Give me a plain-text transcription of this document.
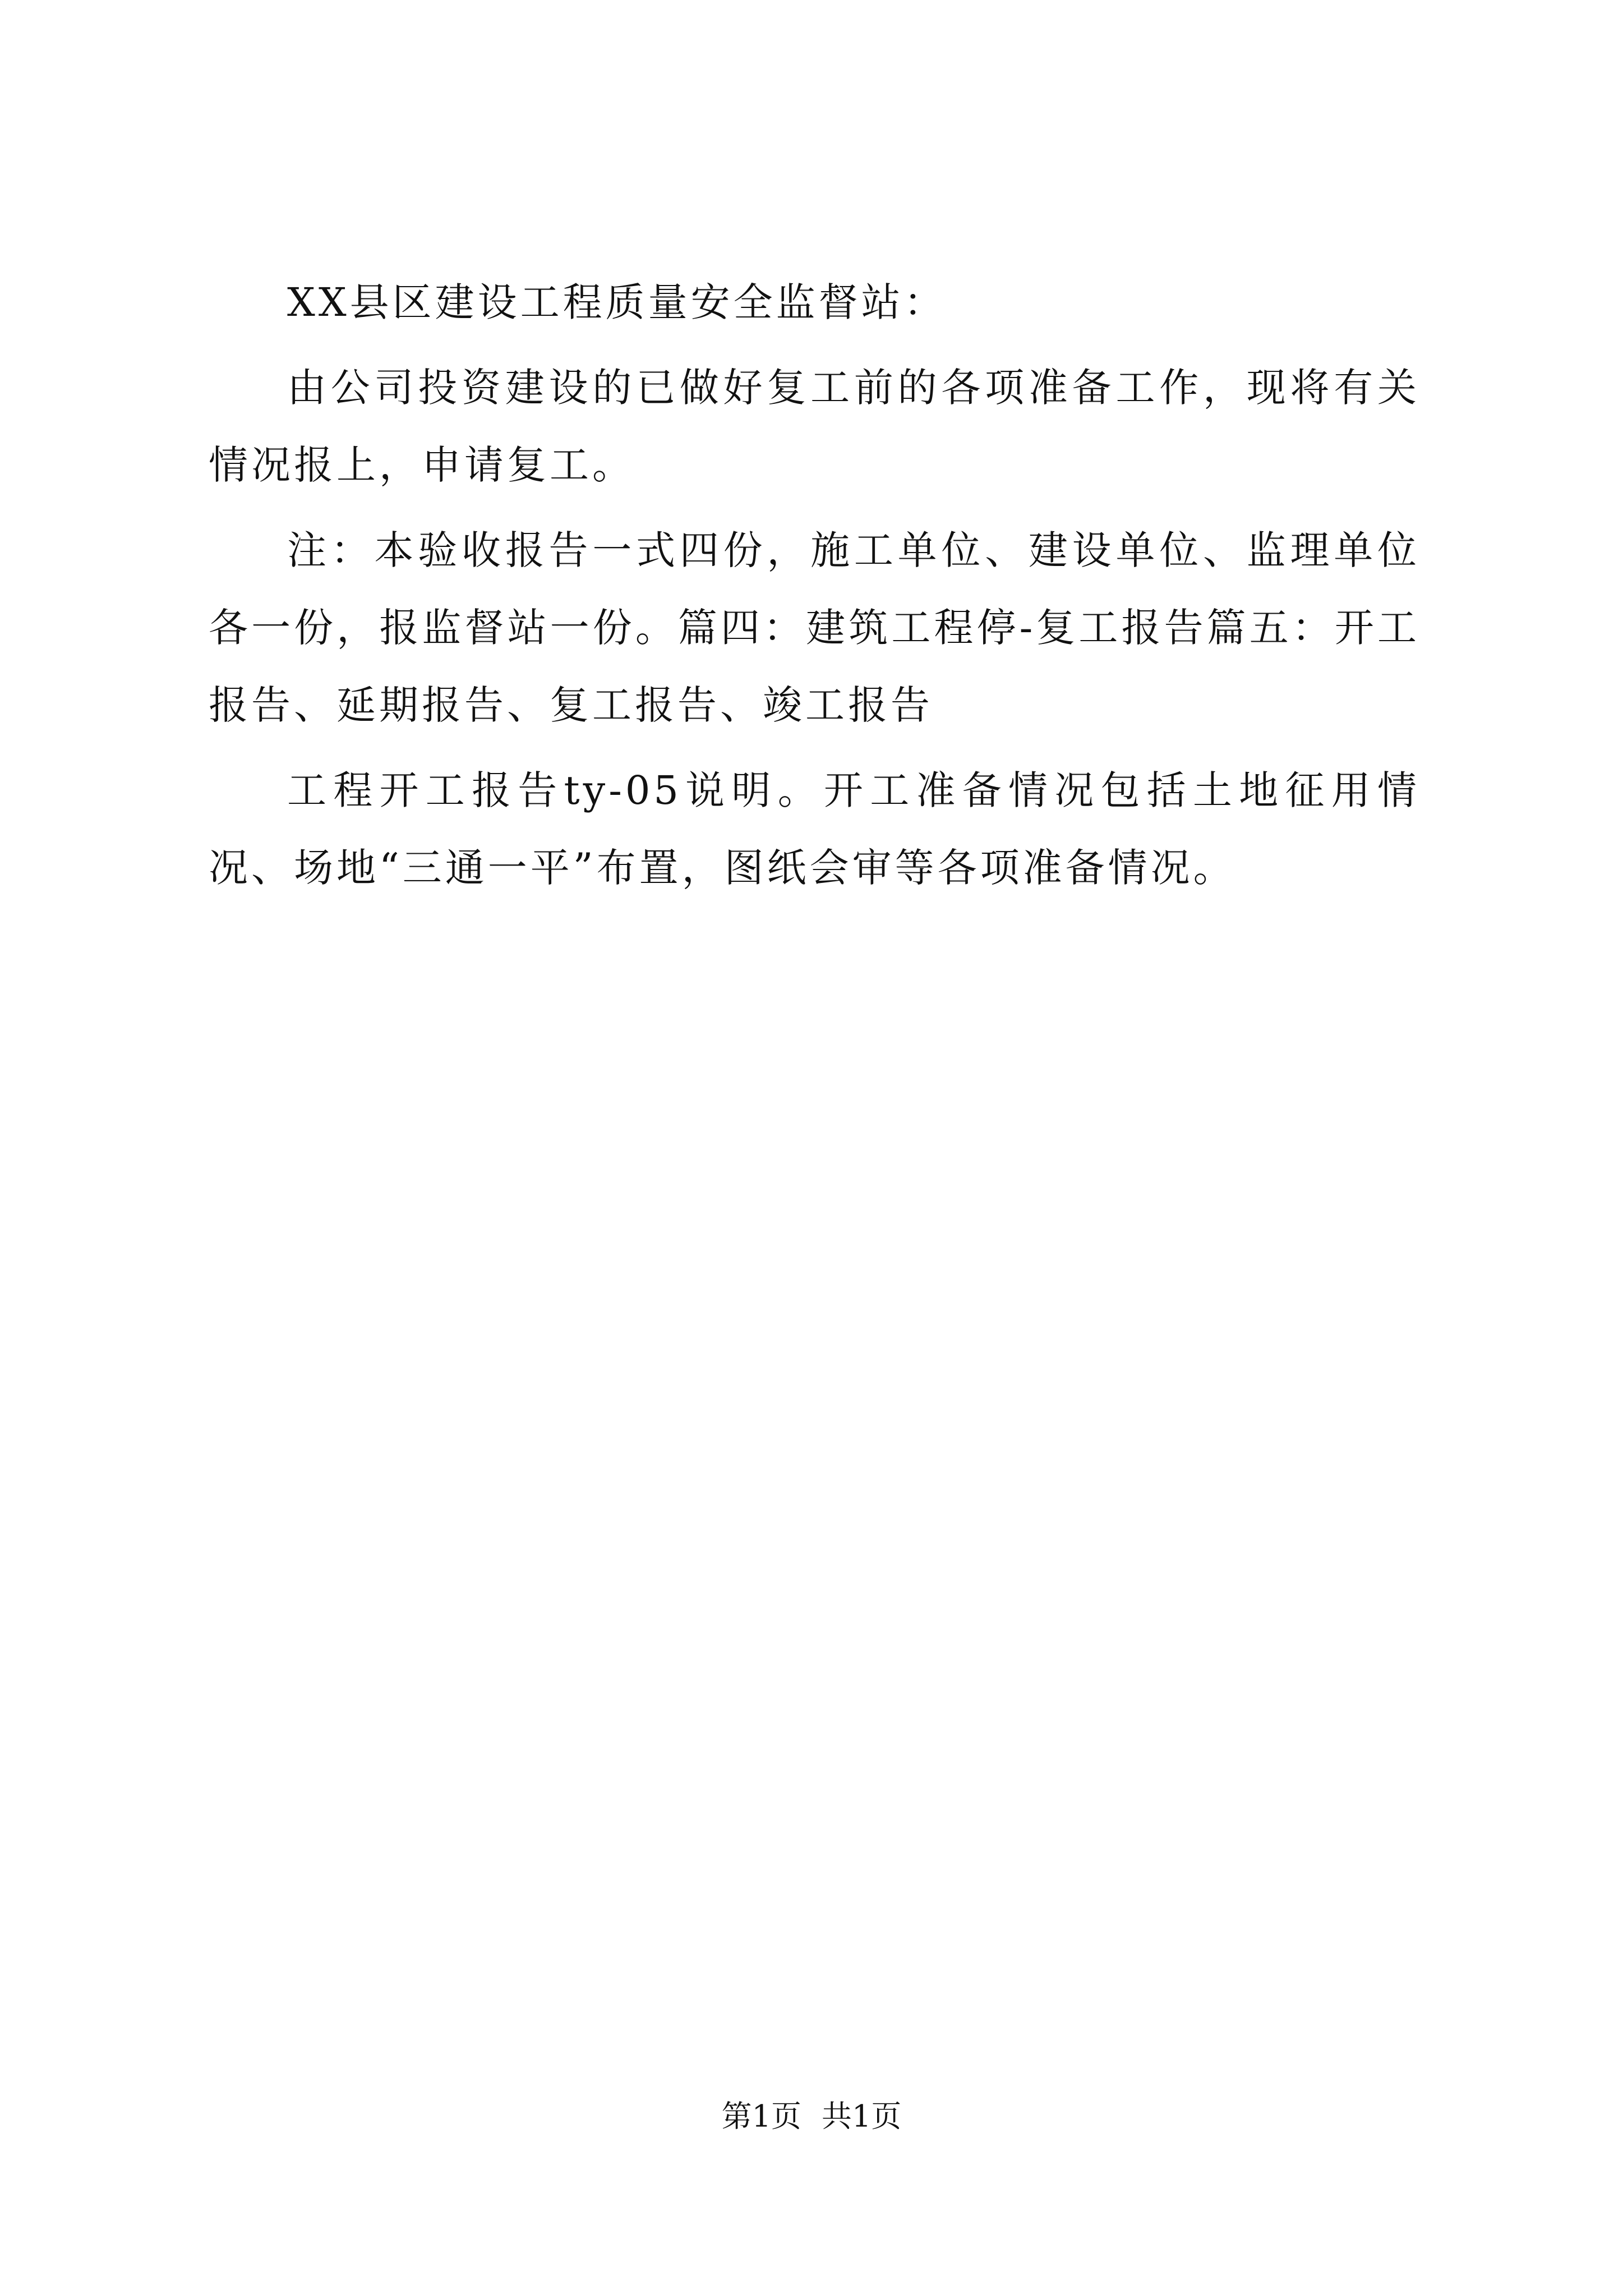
XX县区建设工程质量安全监督站：

由公司投资建设的已做好复工前的各项准备工作，现将有关情况报上，申请复工。

注：本验收报告一式四份，施工单位、建设单位、监理单位各一份，报监督站一份。篇四：建筑工程停-复工报告篇五：开工报告、延期报告、复工报告、竣工报告

工程开工报告ty-05说明。开工准备情况包括土地征用情况、场地“三通一平”布置，图纸会审等各项准备情况。

第1页 共1页
